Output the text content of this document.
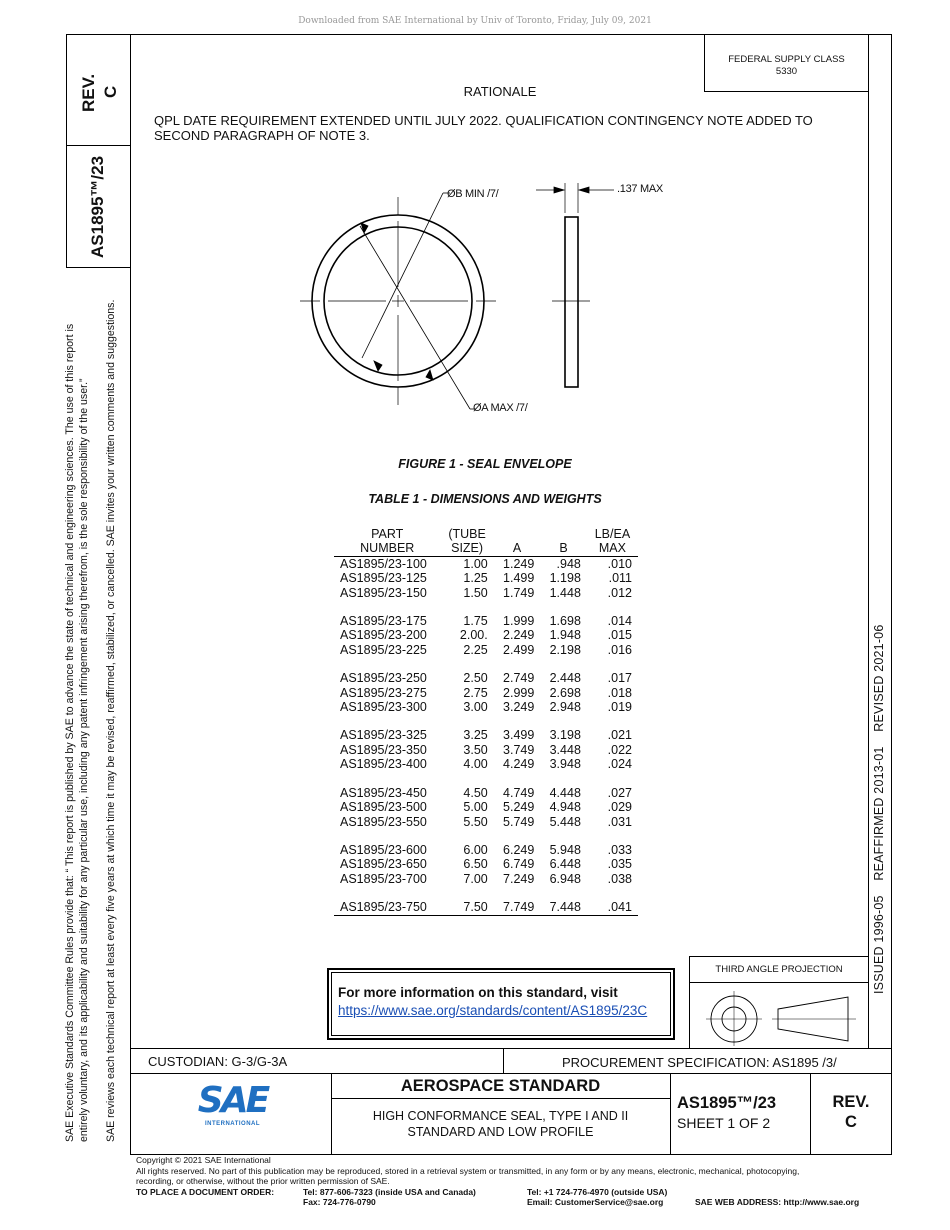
Downloaded from SAE International by Univ of Toronto, Friday, July 09, 2021
REV. C
AS1895™/23
SAE Executive Standards Committee Rules provide that: “ This report is published by SAE to advance the state of technical and engineering sciences. The use of this report is entirely voluntary, and its applicability and suitability for any particular use, including any patent infringement arising therefrom, is the sole responsibility of the user.” SAE reviews each technical report at least every five years at which time it may be revised, reaffirmed, stabilized, or cancelled. SAE invites your written comments and suggestions.	ISSUED 1996-05    REAFFIRMED 2013-01    REVISED 2021-06
FEDERAL SUPPLY CLASS
5330
RATIONALE
QPL DATE REQUIREMENT EXTENDED UNTIL JULY 2022. QUALIFICATION CONTINGENCY NOTE ADDED TO SECOND PARAGRAPH OF NOTE 3.
ØB MIN /7/
ØA MAX /7/
.137 MAX
FIGURE 1 - SEAL ENVELOPE
TABLE 1 - DIMENSIONS AND WEIGHTS
PART	(TUBE			LB/EA
NUMBER	SIZE)	A	B	MAX
AS1895/23-100	1.00	1.249	.948	.010
AS1895/23-125	1.25	1.499	1.198	.011
AS1895/23-150	1.50	1.749	1.448	.012

AS1895/23-175	1.75	1.999	1.698	.014
AS1895/23-200	2.00.	2.249	1.948	.015
AS1895/23-225	2.25	2.499	2.198	.016

AS1895/23-250	2.50	2.749	2.448	.017
AS1895/23-275	2.75	2.999	2.698	.018
AS1895/23-300	3.00	3.249	2.948	.019

AS1895/23-325	3.25	3.499	3.198	.021
AS1895/23-350	3.50	3.749	3.448	.022
AS1895/23-400	4.00	4.249	3.948	.024

AS1895/23-450	4.50	4.749	4.448	.027
AS1895/23-500	5.00	5.249	4.948	.029
AS1895/23-550	5.50	5.749	5.448	.031

AS1895/23-600	6.00	6.249	5.948	.033
AS1895/23-650	6.50	6.749	6.448	.035
AS1895/23-700	7.00	7.249	6.948	.038

AS1895/23-750	7.50	7.749	7.448	.041
For more information on this standard, visit
https://www.sae.org/standards/content/AS1895/23C
THIRD ANGLE PROJECTION
CUSTODIAN: G-3/G-3A	PROCUREMENT SPECIFICATION: AS1895 /3/
SAE
INTERNATIONAL
AEROSPACE STANDARD
HIGH CONFORMANCE SEAL, TYPE I AND II
STANDARD AND LOW PROFILE
AS1895™/23
SHEET 1 OF 2
REV.
C
Copyright © 2021 SAE International
All rights reserved. No part of this publication may be reproduced, stored in a retrieval system or transmitted, in any form or by any means, electronic, mechanical, photocopying,
recording, or otherwise, without the prior written permission of SAE.
TO PLACE A DOCUMENT ORDER:	Tel: 877-606-7323 (inside USA and Canada)
Fax: 724-776-0790
Tel: +1 724-776-4970 (outside USA)
Email: CustomerService@sae.org	SAE WEB ADDRESS: http://www.sae.org
